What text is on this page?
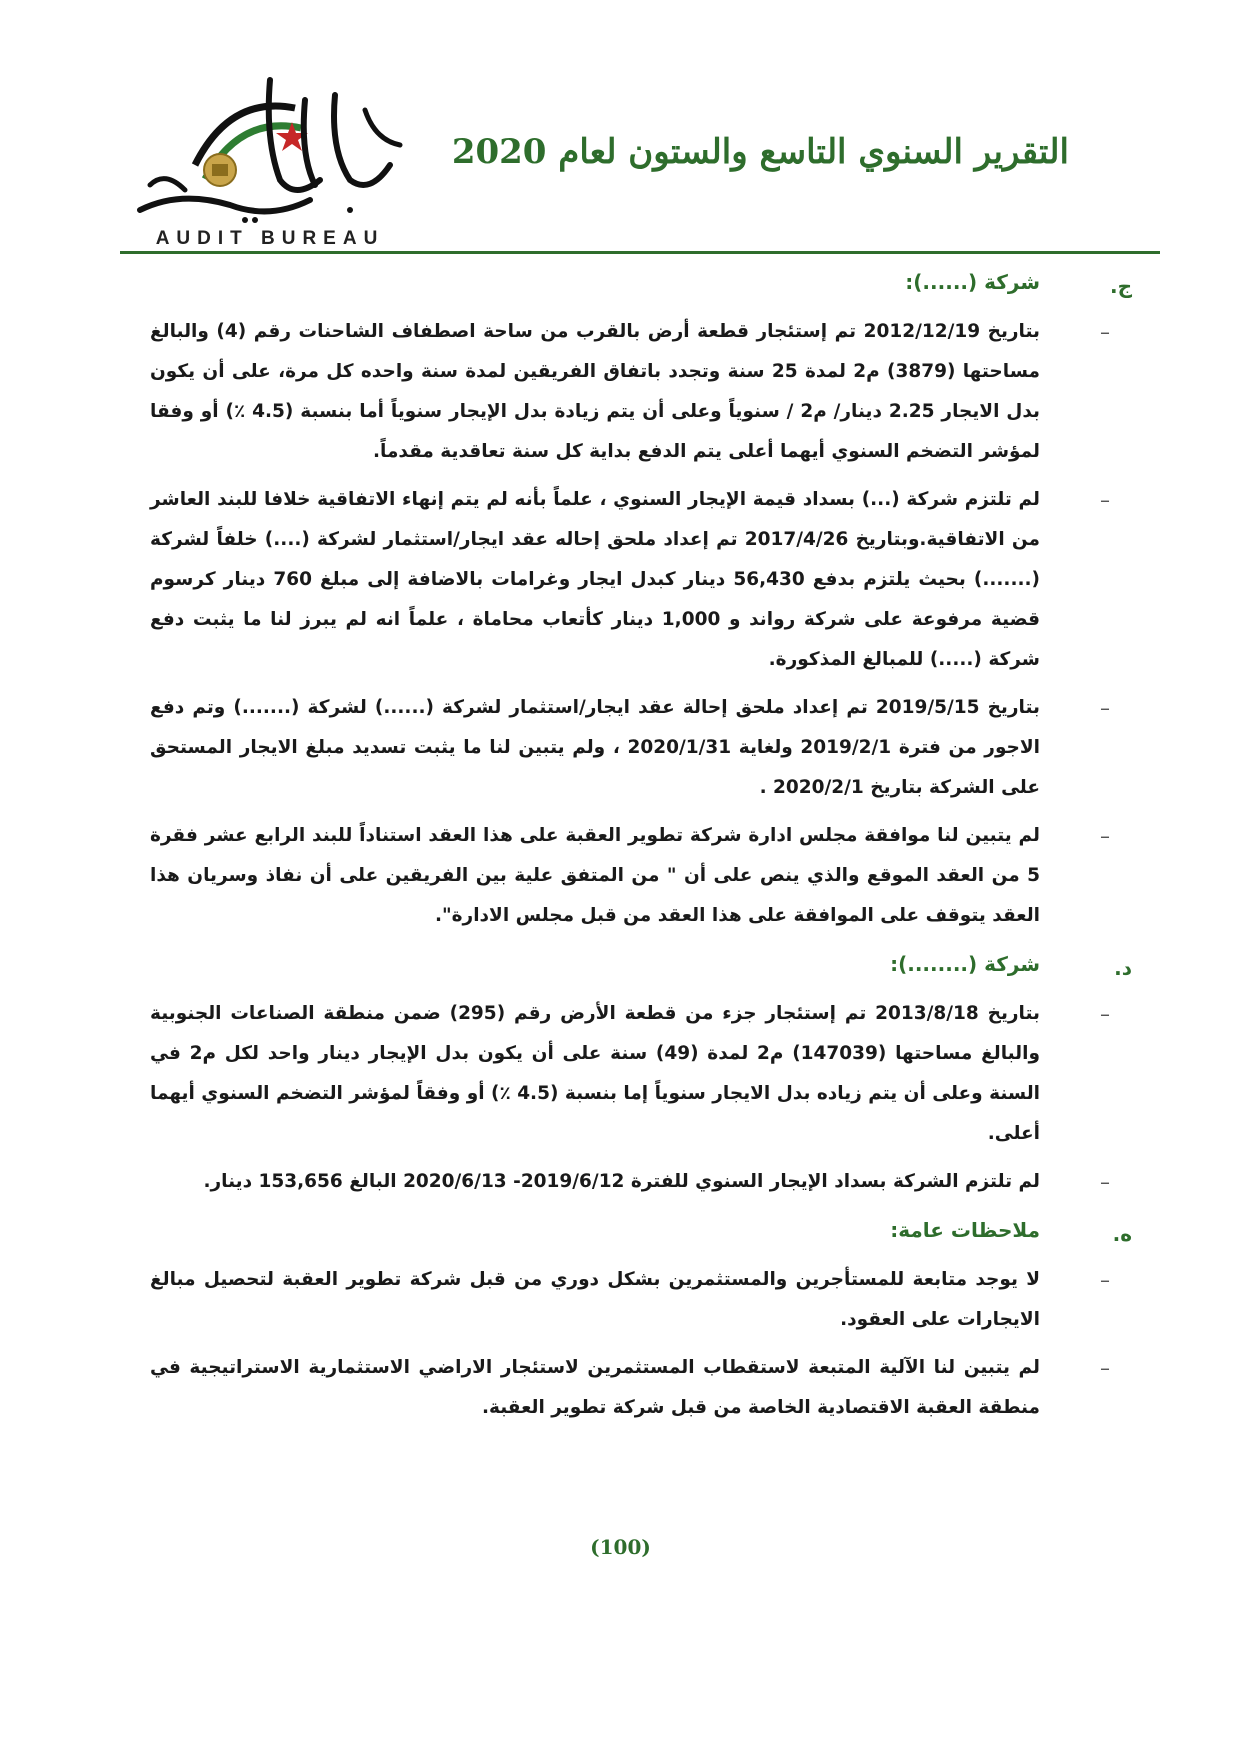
AUDIT BUREAU
التقرير السنوي التاسع والستون لعام 2020
ج.
شركة (......):
–

بتاريخ 2012/12/19 تم إستئجار قطعة أرض بالقرب من ساحة اصطفاف الشاحنات رقم (4) والبالغ مساحتها (3879) م2 لمدة 25 سنة وتجدد باتفاق الفريقين لمدة سنة واحده كل مرة، على أن يكون بدل الايجار 2.25 دينار/ م2 / سنوياً وعلى أن يتم زيادة بدل الإيجار سنوياً أما بنسبة (4.5 ٪) أو وفقا لمؤشر التضخم السنوي أيهما أعلى يتم الدفع بداية كل سنة تعاقدية مقدماً.

–

لم تلتزم شركة (...) بسداد قيمة الإيجار السنوي ، علماً بأنه لم يتم إنهاء الاتفاقية خلافا للبند العاشر من الاتفاقية.وبتاريخ 2017/4/26 تم إعداد ملحق إحاله عقد ايجار/استثمار لشركة (....) خلفاً لشركة (.......) بحيث يلتزم بدفع 56,430 دينار كبدل ايجار وغرامات بالاضافة إلى مبلغ 760 دينار كرسوم قضية مرفوعة على شركة رواند و 1,000 دينار كأتعاب محاماة ، علماً انه لم يبرز لنا ما يثبت دفع شركة (.....) للمبالغ المذكورة.

–

بتاريخ 2019/5/15 تم إعداد ملحق إحالة عقد ايجار/استثمار لشركة (......) لشركة (.......) وتم دفع الاجور من فترة 2019/2/1 ولغاية 2020/1/31 ، ولم يتبين لنا ما يثبت تسديد مبلغ الايجار المستحق على الشركة بتاريخ 2020/2/1 .

–

لم يتبين لنا موافقة مجلس ادارة شركة تطوير العقبة على هذا العقد استناداً للبند الرابع عشر فقرة 5 من العقد الموقع والذي ينص على أن " من المتفق علية بين الفريقين على أن نفاذ وسريان هذا العقد يتوقف على الموافقة على هذا العقد من قبل مجلس الادارة".

د.
شركة (........):
–

بتاريخ 2013/8/18 تم إستئجار جزء من قطعة الأرض رقم (295) ضمن منطقة الصناعات الجنوبية والبالغ مساحتها (147039) م2 لمدة (49) سنة على أن يكون بدل الإيجار دينار واحد لكل م2 في السنة وعلى أن يتم زياده بدل الايجار سنوياً إما بنسبة (4.5 ٪) أو وفقاً لمؤشر التضخم السنوي أيهما أعلى.

–

لم تلتزم الشركة بسداد الإيجار السنوي للفترة 2019/6/12- 2020/6/13 البالغ 153,656 دينار.

ه.
ملاحظات عامة:
–

لا يوجد متابعة للمستأجرين والمستثمرين بشكل دوري من قبل شركة تطوير العقبة لتحصيل مبالغ الايجارات على العقود.

–

لم يتبين لنا الآلية المتبعة لاستقطاب المستثمرين لاستئجار الاراضي الاستثمارية الاستراتيجية في منطقة العقبة الاقتصادية الخاصة من قبل شركة تطوير العقبة.

(100)
